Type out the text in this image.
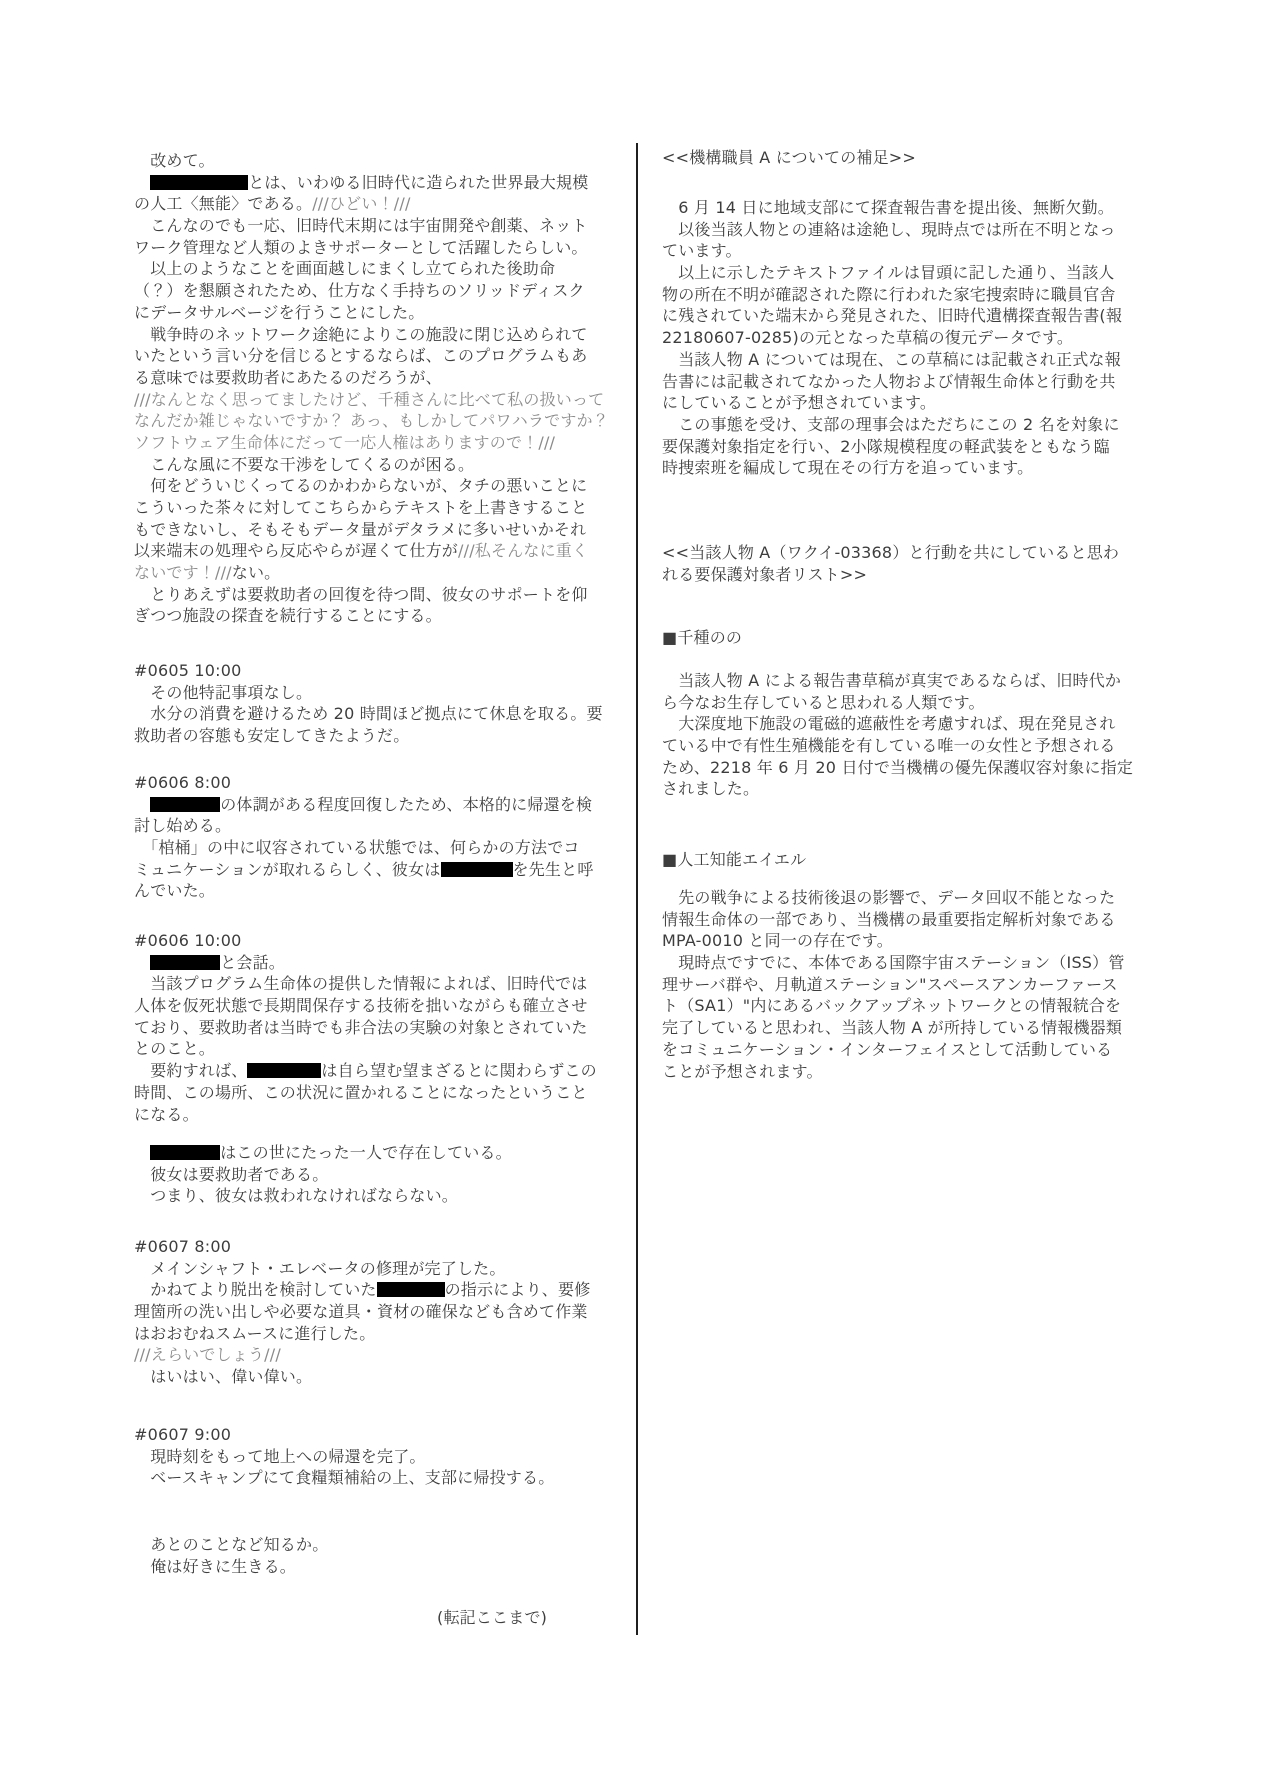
　改めて。
　とは、いわゆる旧時代に造られた世界最大規模
の人工〈無能〉である。///ひどい！///
　こんなのでも一応、旧時代末期には宇宙開発や創薬、ネット
ワーク管理など人類のよきサポーターとして活躍したらしい。
　以上のようなことを画面越しにまくし立てられた後助命
（？）を懇願されたため、仕方なく手持ちのソリッドディスク
にデータサルベージを行うことにした。
　戦争時のネットワーク途絶によりこの施設に閉じ込められて
いたという言い分を信じるとするならば、このプログラムもあ
る意味では要救助者にあたるのだろうが、
///なんとなく思ってましたけど、千種さんに比べて私の扱いって
なんだか雑じゃないですか？ あっ、もしかしてパワハラですか？
ソフトウェア生命体にだって一応人権はありますので！///
　こんな風に不要な干渉をしてくるのが困る。
　何をどういじくってるのかわからないが、タチの悪いことに
こういった茶々に対してこちらからテキストを上書きすること
もできないし、そもそもデータ量がデタラメに多いせいかそれ
以来端末の処理やら反応やらが遅くて仕方が///私そんなに重く
ないです！///ない。
　とりあえずは要救助者の回復を待つ間、彼女のサポートを仰
ぎつつ施設の探査を続行することにする。
#0605 10:00
　その他特記事項なし。
　水分の消費を避けるため 20 時間ほど拠点にて休息を取る。要
救助者の容態も安定してきたようだ。
#0606 8:00
　の体調がある程度回復したため、本格的に帰還を検
討し始める。
　「棺桶」の中に収容されている状態では、何らかの方法でコ
ミュニケーションが取れるらしく、彼女は	を先生と呼
んでいた。
#0606 10:00
　と会話。
　当該プログラム生命体の提供した情報によれば、旧時代では
人体を仮死状態で長期間保存する技術を拙いながらも確立させ
ており、要救助者は当時でも非合法の実験の対象とされていた
とのこと。
　要約すれば、	は自ら望む望まざるとに関わらずこの
時間、この場所、この状況に置かれることになったということ
になる。
　はこの世にたった一人で存在している。
　彼女は要救助者である。
　つまり、彼女は救われなければならない。
#0607 8:00
　メインシャフト・エレベータの修理が完了した。
　かねてより脱出を検討していた	の指示により、要修
理箇所の洗い出しや必要な道具・資材の確保なども含めて作業
はおおむねスムースに進行した。
///えらいでしょう///
　はいはい、偉い偉い。
#0607 9:00
　現時刻をもって地上への帰還を完了。
　ベースキャンプにて食糧類補給の上、支部に帰投する。
　あとのことなど知るか。
　俺は好きに生きる。
(転記ここまで)
<<機構職員 A についての補足>>
　6 月 14 日に地域支部にて探査報告書を提出後、無断欠勤。
　以後当該人物との連絡は途絶し、現時点では所在不明となっ
ています。
　以上に示したテキストファイルは冒頭に記した通り、当該人
物の所在不明が確認された際に行われた家宅捜索時に職員官舎
に残されていた端末から発見された、旧時代遺構探査報告書(報
22180607-0285)の元となった草稿の復元データです。
　当該人物 A については現在、この草稿には記載され正式な報
告書には記載されてなかった人物および情報生命体と行動を共
にしていることが予想されています。
　この事態を受け、支部の理事会はただちにこの 2 名を対象に
要保護対象指定を行い、2小隊規模程度の軽武装をともなう臨
時捜索班を編成して現在その行方を追っています。
<<当該人物 A（ワクイ-03368）と行動を共にしていると思わ
れる要保護対象者リスト>>
■千種のの
　当該人物 A による報告書草稿が真実であるならば、旧時代か
ら今なお生存していると思われる人類です。
　大深度地下施設の電磁的遮蔽性を考慮すれば、現在発見され
ている中で有性生殖機能を有している唯一の女性と予想される
ため、2218 年 6 月 20 日付で当機構の優先保護収容対象に指定
されました。
■人工知能エイエル
　先の戦争による技術後退の影響で、データ回収不能となった
情報生命体の一部であり、当機構の最重要指定解析対象である
MPA-0010 と同一の存在です。
　現時点ですでに、本体である国際宇宙ステーション（ISS）管
理サーバ群や、月軌道ステーション"スペースアンカーファース
ト（SA1）"内にあるバックアップネットワークとの情報統合を
完了していると思われ、当該人物 A が所持している情報機器類
をコミュニケーション・インターフェイスとして活動している
ことが予想されます。
